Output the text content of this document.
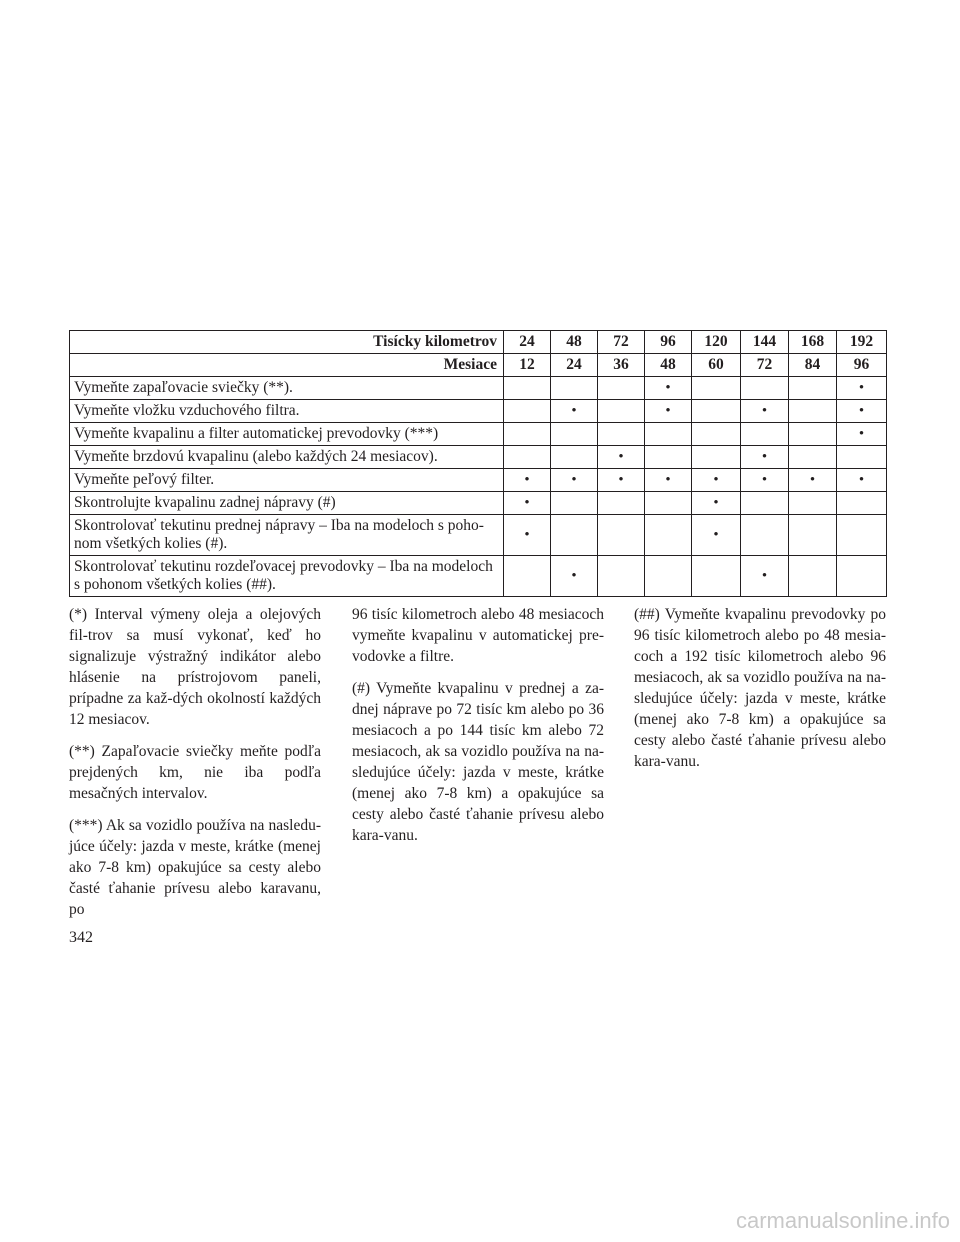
Tisícky kilometrov	24	48	72	96	120	144	168	192
Mesiace	12	24	36	48	60	72	84	96
Vymeňte zapaľovacie sviečky (**).				•				•
Vymeňte vložku vzduchového filtra.		•		•		•		•
Vymeňte kvapalinu a filter automatickej prevodovky (***)								•
Vymeňte brzdovú kvapalinu (alebo každých 24 mesiacov).			•			•		
Vymeňte peľový filter.	•	•	•	•	•	•	•	•
Skontrolujte kvapalinu zadnej nápravy (#)	•				•			
Skontrolovať tekutinu prednej nápravy – Iba na modeloch s poho-nom všetkých kolies (#).	•				•			
Skontrolovať tekutinu rozdeľovacej prevodovky – Iba na modeloch s pohonom všetkých kolies (##).		•				•		

(*) Interval výmeny oleja a olejových fil-trov sa musí vykonať, keď ho signalizuje výstražný indikátor alebo hlásenie na prístrojovom paneli, prípadne za kaž-dých okolností každých 12 mesiacov.

(**) Zapaľovacie sviečky meňte podľa prejdených km, nie iba podľa mesačných intervalov.

(***) Ak sa vozidlo používa na nasledu-júce účely: jazda v meste, krátke (menej ako 7-8 km) opakujúce sa cesty alebo časté ťahanie prívesu alebo karavanu, po

96 tisíc kilometroch alebo 48 mesiacoch vymeňte kvapalinu v automatickej pre-vodovke a filtre.

(#) Vymeňte kvapalinu v prednej a za-dnej náprave po 72 tisíc km alebo po 36 mesiacoch a po 144 tisíc km alebo 72 mesiacoch, ak sa vozidlo používa na na-sledujúce účely: jazda v meste, krátke (menej ako 7-8 km) a opakujúce sa cesty alebo časté ťahanie prívesu alebo kara-vanu.

(##) Vymeňte kvapalinu prevodovky po 96 tisíc kilometroch alebo po 48 mesia-coch a 192 tisíc kilometroch alebo 96 mesiacoch, ak sa vozidlo používa na na-sledujúce účely: jazda v meste, krátke (menej ako 7-8 km) a opakujúce sa cesty alebo časté ťahanie prívesu alebo kara-vanu.

342
carmanualsonline.info
